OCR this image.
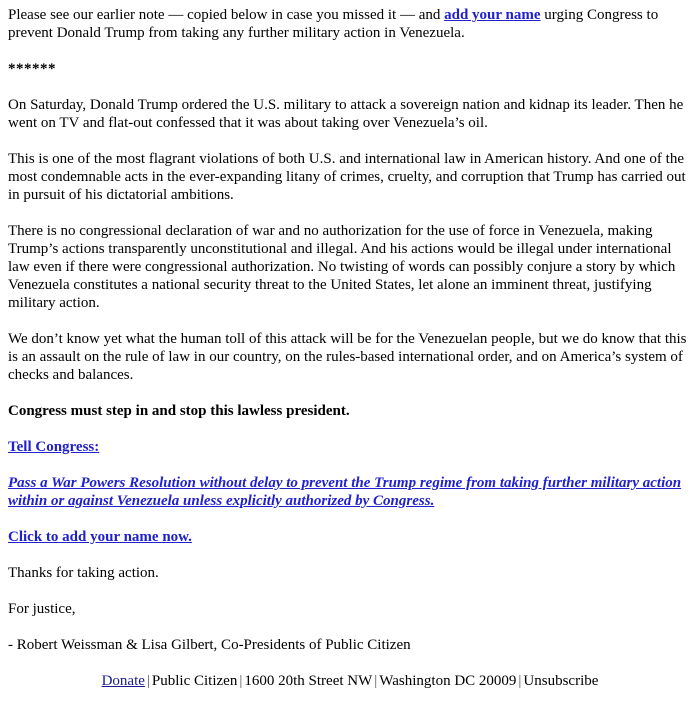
Please see our earlier note — copied below in case you missed it — and add your name urging Congress to prevent Donald Trump from taking any further military action in Venezuela.

******

On Saturday, Donald Trump ordered the U.S. military to attack a sovereign nation and kidnap its leader. Then he went on TV and flat-out confessed that it was about taking over Venezuela’s oil.

This is one of the most flagrant violations of both U.S. and international law in American history. And one of the most condemnable acts in the ever-expanding litany of crimes, cruelty, and corruption that Trump has carried out in pursuit of his dictatorial ambitions.

There is no congressional declaration of war and no authorization for the use of force in Venezuela, making Trump’s actions transparently unconstitutional and illegal. And his actions would be illegal under international law even if there were congressional authorization. No twisting of words can possibly conjure a story by which Venezuela constitutes a national security threat to the United States, let alone an imminent threat, justifying military action.

We don’t know yet what the human toll of this attack will be for the Venezuelan people, but we do know that this is an assault on the rule of law in our country, on the rules-based international order, and on America’s system of checks and balances.

Congress must step in and stop this lawless president.

Tell Congress:

Pass a War Powers Resolution without delay to prevent the Trump regime from taking further military action within or against Venezuela unless explicitly authorized by Congress.

Click to add your name now.

Thanks for taking action.

For justice,

- Robert Weissman & Lisa Gilbert, Co-Presidents of Public Citizen

Donate | Public Citizen | 1600 20th Street NW | Washington DC 20009 | Unsubscribe
